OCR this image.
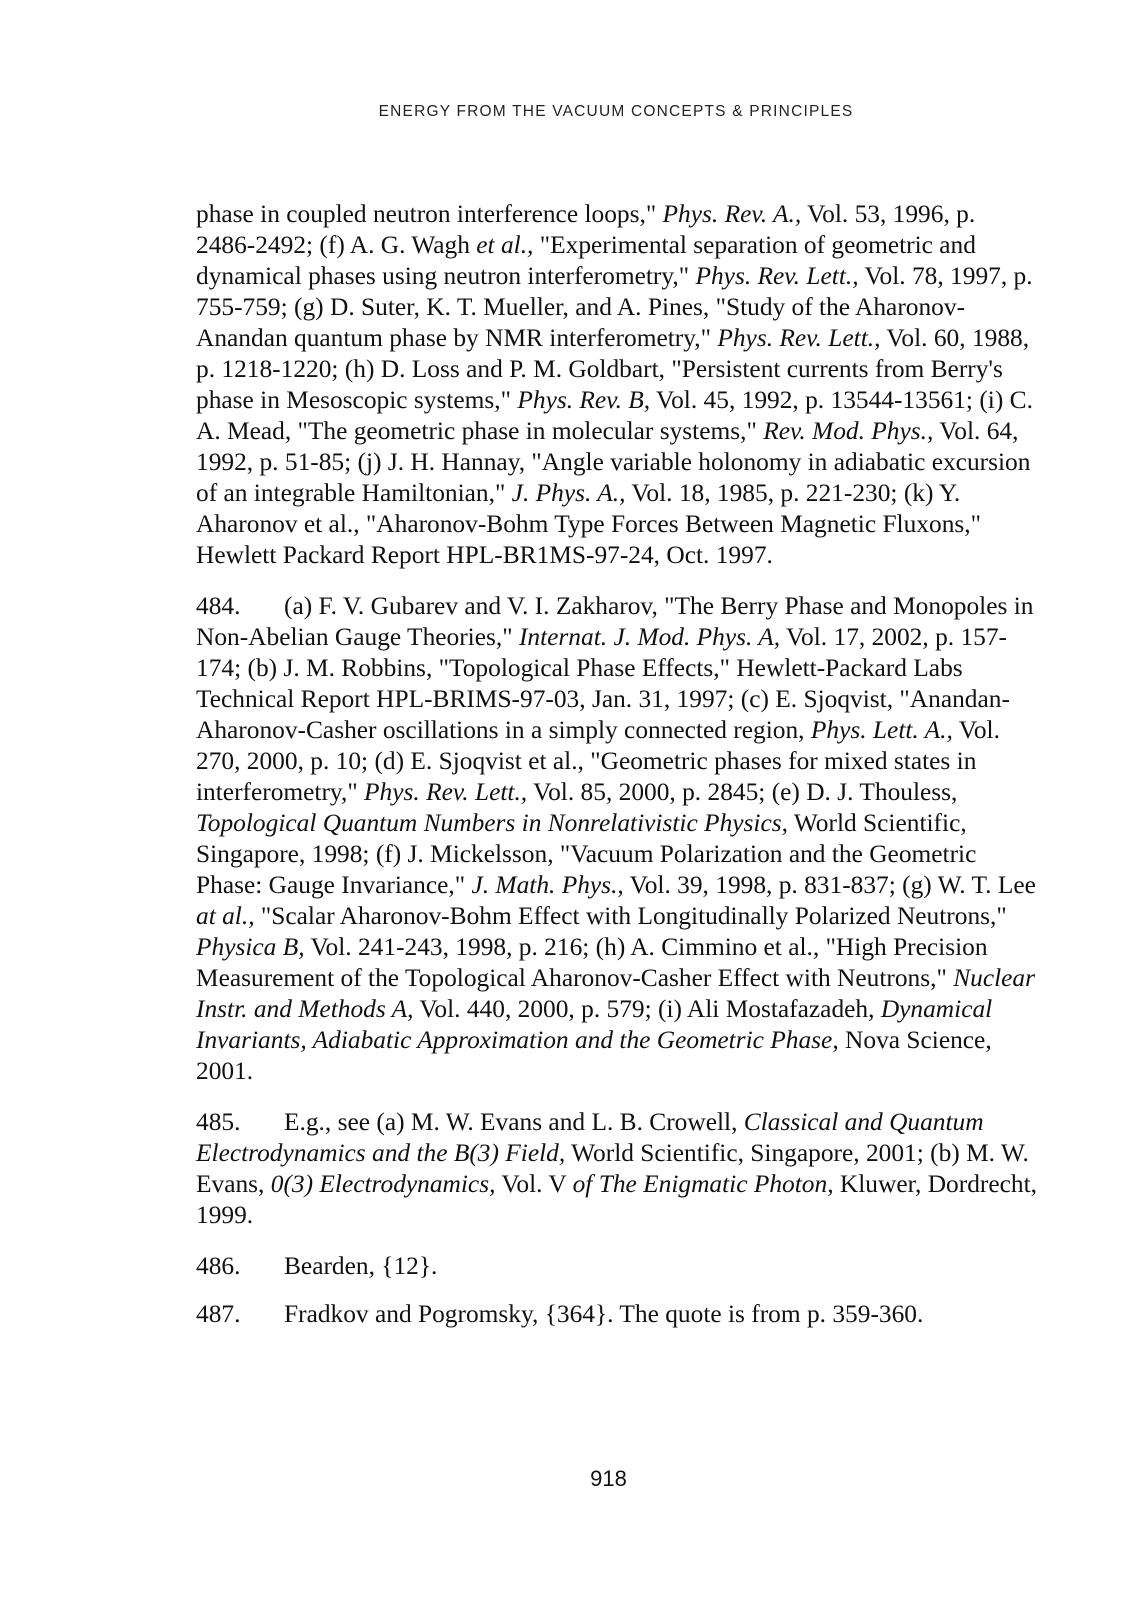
ENERGY FROM THE VACUUM CONCEPTS & PRINCIPLES

phase in coupled neutron interference loops," Phys. Rev. A., Vol. 53, 1996, p. 2486-2492; (f) A. G. Wagh et al., "Experimental separation of geometric and dynamical phases using neutron interferometry," Phys. Rev. Lett., Vol. 78, 1997, p. 755-759; (g) D. Suter, K. T. Mueller, and A. Pines, "Study of the Aharonov-Anandan quantum phase by NMR interferometry," Phys. Rev. Lett., Vol. 60, 1988, p. 1218-1220; (h) D. Loss and P. M. Goldbart, "Persistent currents from Berry's phase in Mesoscopic systems," Phys. Rev. B, Vol. 45, 1992, p. 13544-13561; (i) C. A. Mead, "The geometric phase in molecular systems," Rev. Mod. Phys., Vol. 64, 1992, p. 51-85; (j) J. H. Hannay, "Angle variable holonomy in adiabatic excursion of an integrable Hamiltonian," J. Phys. A., Vol. 18, 1985, p. 221-230; (k) Y. Aharonov et al., "Aharonov-Bohm Type Forces Between Magnetic Fluxons," Hewlett Packard Report HPL-BR1MS-97-24, Oct. 1997.

484. (a) F. V. Gubarev and V. I. Zakharov, "The Berry Phase and Monopoles in Non-Abelian Gauge Theories," Internat. J. Mod. Phys. A, Vol. 17, 2002, p. 157-174; (b) J. M. Robbins, "Topological Phase Effects," Hewlett-Packard Labs Technical Report HPL-BRIMS-97-03, Jan. 31, 1997; (c) E. Sjoqvist, "Anandan-Aharonov-Casher oscillations in a simply connected region, Phys. Lett. A., Vol. 270, 2000, p. 10; (d) E. Sjoqvist et al., "Geometric phases for mixed states in interferometry," Phys. Rev. Lett., Vol. 85, 2000, p. 2845; (e) D. J. Thouless, Topological Quantum Numbers in Nonrelativistic Physics, World Scientific, Singapore, 1998; (f) J. Mickelsson, "Vacuum Polarization and the Geometric Phase: Gauge Invariance," J. Math. Phys., Vol. 39, 1998, p. 831-837; (g) W. T. Lee at al., "Scalar Aharonov-Bohm Effect with Longitudinally Polarized Neutrons," Physica B, Vol. 241-243, 1998, p. 216; (h) A. Cimmino et al., "High Precision Measurement of the Topological Aharonov-Casher Effect with Neutrons," Nuclear Instr. and Methods A, Vol. 440, 2000, p. 579; (i) Ali Mostafazadeh, Dynamical Invariants, Adiabatic Approximation and the Geometric Phase, Nova Science, 2001.

485. E.g., see (a) M. W. Evans and L. B. Crowell, Classical and Quantum Electrodynamics and the B(3) Field, World Scientific, Singapore, 2001; (b) M. W. Evans, 0(3) Electrodynamics, Vol. V of The Enigmatic Photon, Kluwer, Dordrecht, 1999.

486. Bearden, {12}.

487. Fradkov and Pogromsky, {364}. The quote is from p. 359-360.

918
